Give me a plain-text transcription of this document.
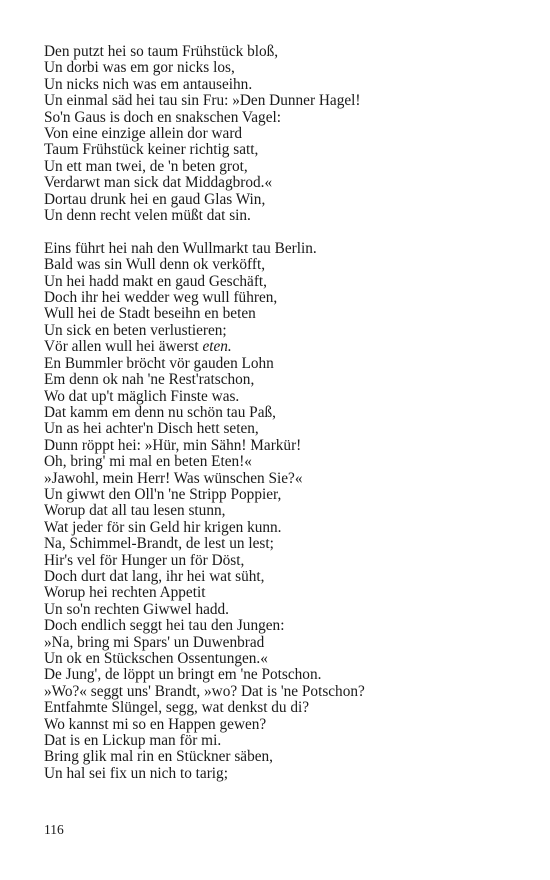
Den putzt hei so taum Frühstück bloß,
Un dorbi was em gor nicks los,
Un nicks nich was em antauseihn.
Un einmal säd hei tau sin Fru: »Den Dunner Hagel!
So'n Gaus is doch en snakschen Vagel:
Von eine einzige allein dor ward
Taum Frühstück keiner richtig satt,
Un ett man twei, de 'n beten grot,
Verdarwt man sick dat Middagbrod.«
Dortau drunk hei en gaud Glas Win,
Un denn recht velen müßt dat sin.
Eins führt hei nah den Wullmarkt tau Berlin.
Bald was sin Wull denn ok verköfft,
Un hei hadd makt en gaud Geschäft,
Doch ihr hei wedder weg wull führen,
Wull hei de Stadt beseihn en beten
Un sick en beten verlustieren;
Vör allen wull hei äwerst eten.
En Bummler bröcht vör gauden Lohn
Em denn ok nah 'ne Rest'ratschon,
Wo dat up't mäglich Finste was.
Dat kamm em denn nu schön tau Paß,
Un as hei achter'n Disch hett seten,
Dunn röppt hei: »Hür, min Sähn! Markür!
Oh, bring' mi mal en beten Eten!«
»Jawohl, mein Herr! Was wünschen Sie?«
Un giwwt den Oll'n 'ne Stripp Poppier,
Worup dat all tau lesen stunn,
Wat jeder för sin Geld hir krigen kunn.
Na, Schimmel-Brandt, de lest un lest;
Hir's vel för Hunger un för Döst,
Doch durt dat lang, ihr hei wat süht,
Worup hei rechten Appetit
Un so'n rechten Giwwel hadd.
Doch endlich seggt hei tau den Jungen:
»Na, bring mi Spars' un Duwenbrad
Un ok en Stückschen Ossentungen.«
De Jung', de löppt un bringt em 'ne Potschon.
»Wo?« seggt uns' Brandt, »wo? Dat is 'ne Potschon?
Entfahmte Slüngel, segg, wat denkst du di?
Wo kannst mi so en Happen gewen?
Dat is en Lickup man för mi.
Bring glik mal rin en Stückner säben,
Un hal sei fix un nich to tarig;
116
